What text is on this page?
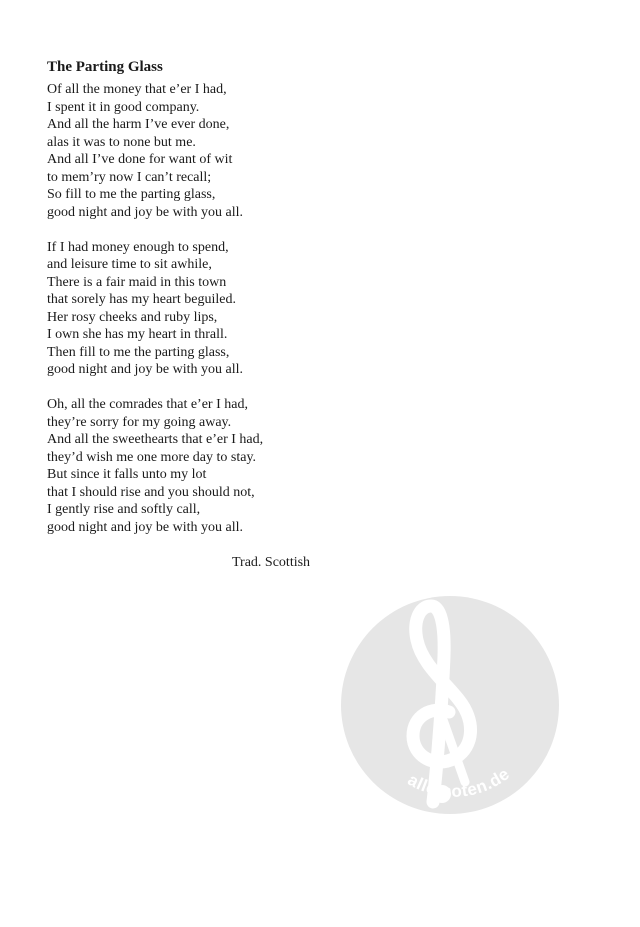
The Parting Glass
Of all the money that e’er I had,
I spent it in good company.
And all the harm I’ve ever done,
alas it was to none but me.
And all I’ve done for want of wit
to mem’ry now I can’t recall;
So fill to me the parting glass,
good night and joy be with you all.
If I had money enough to spend,
and leisure time to sit awhile,
There is a fair maid in this town
that sorely has my heart beguiled.
Her rosy cheeks and ruby lips,
I own she has my heart in thrall.
Then fill to me the parting glass,
good night and joy be with you all.
Oh, all the comrades that e’er I had,
they’re sorry for my going away.
And all the sweethearts that e’er I had,
they’d wish me one more day to stay.
But since it falls unto my lot
that I should rise and you should not,
I gently rise and softly call,
good night and joy be with you all.

Trad. Scottish

alle-noten.de
